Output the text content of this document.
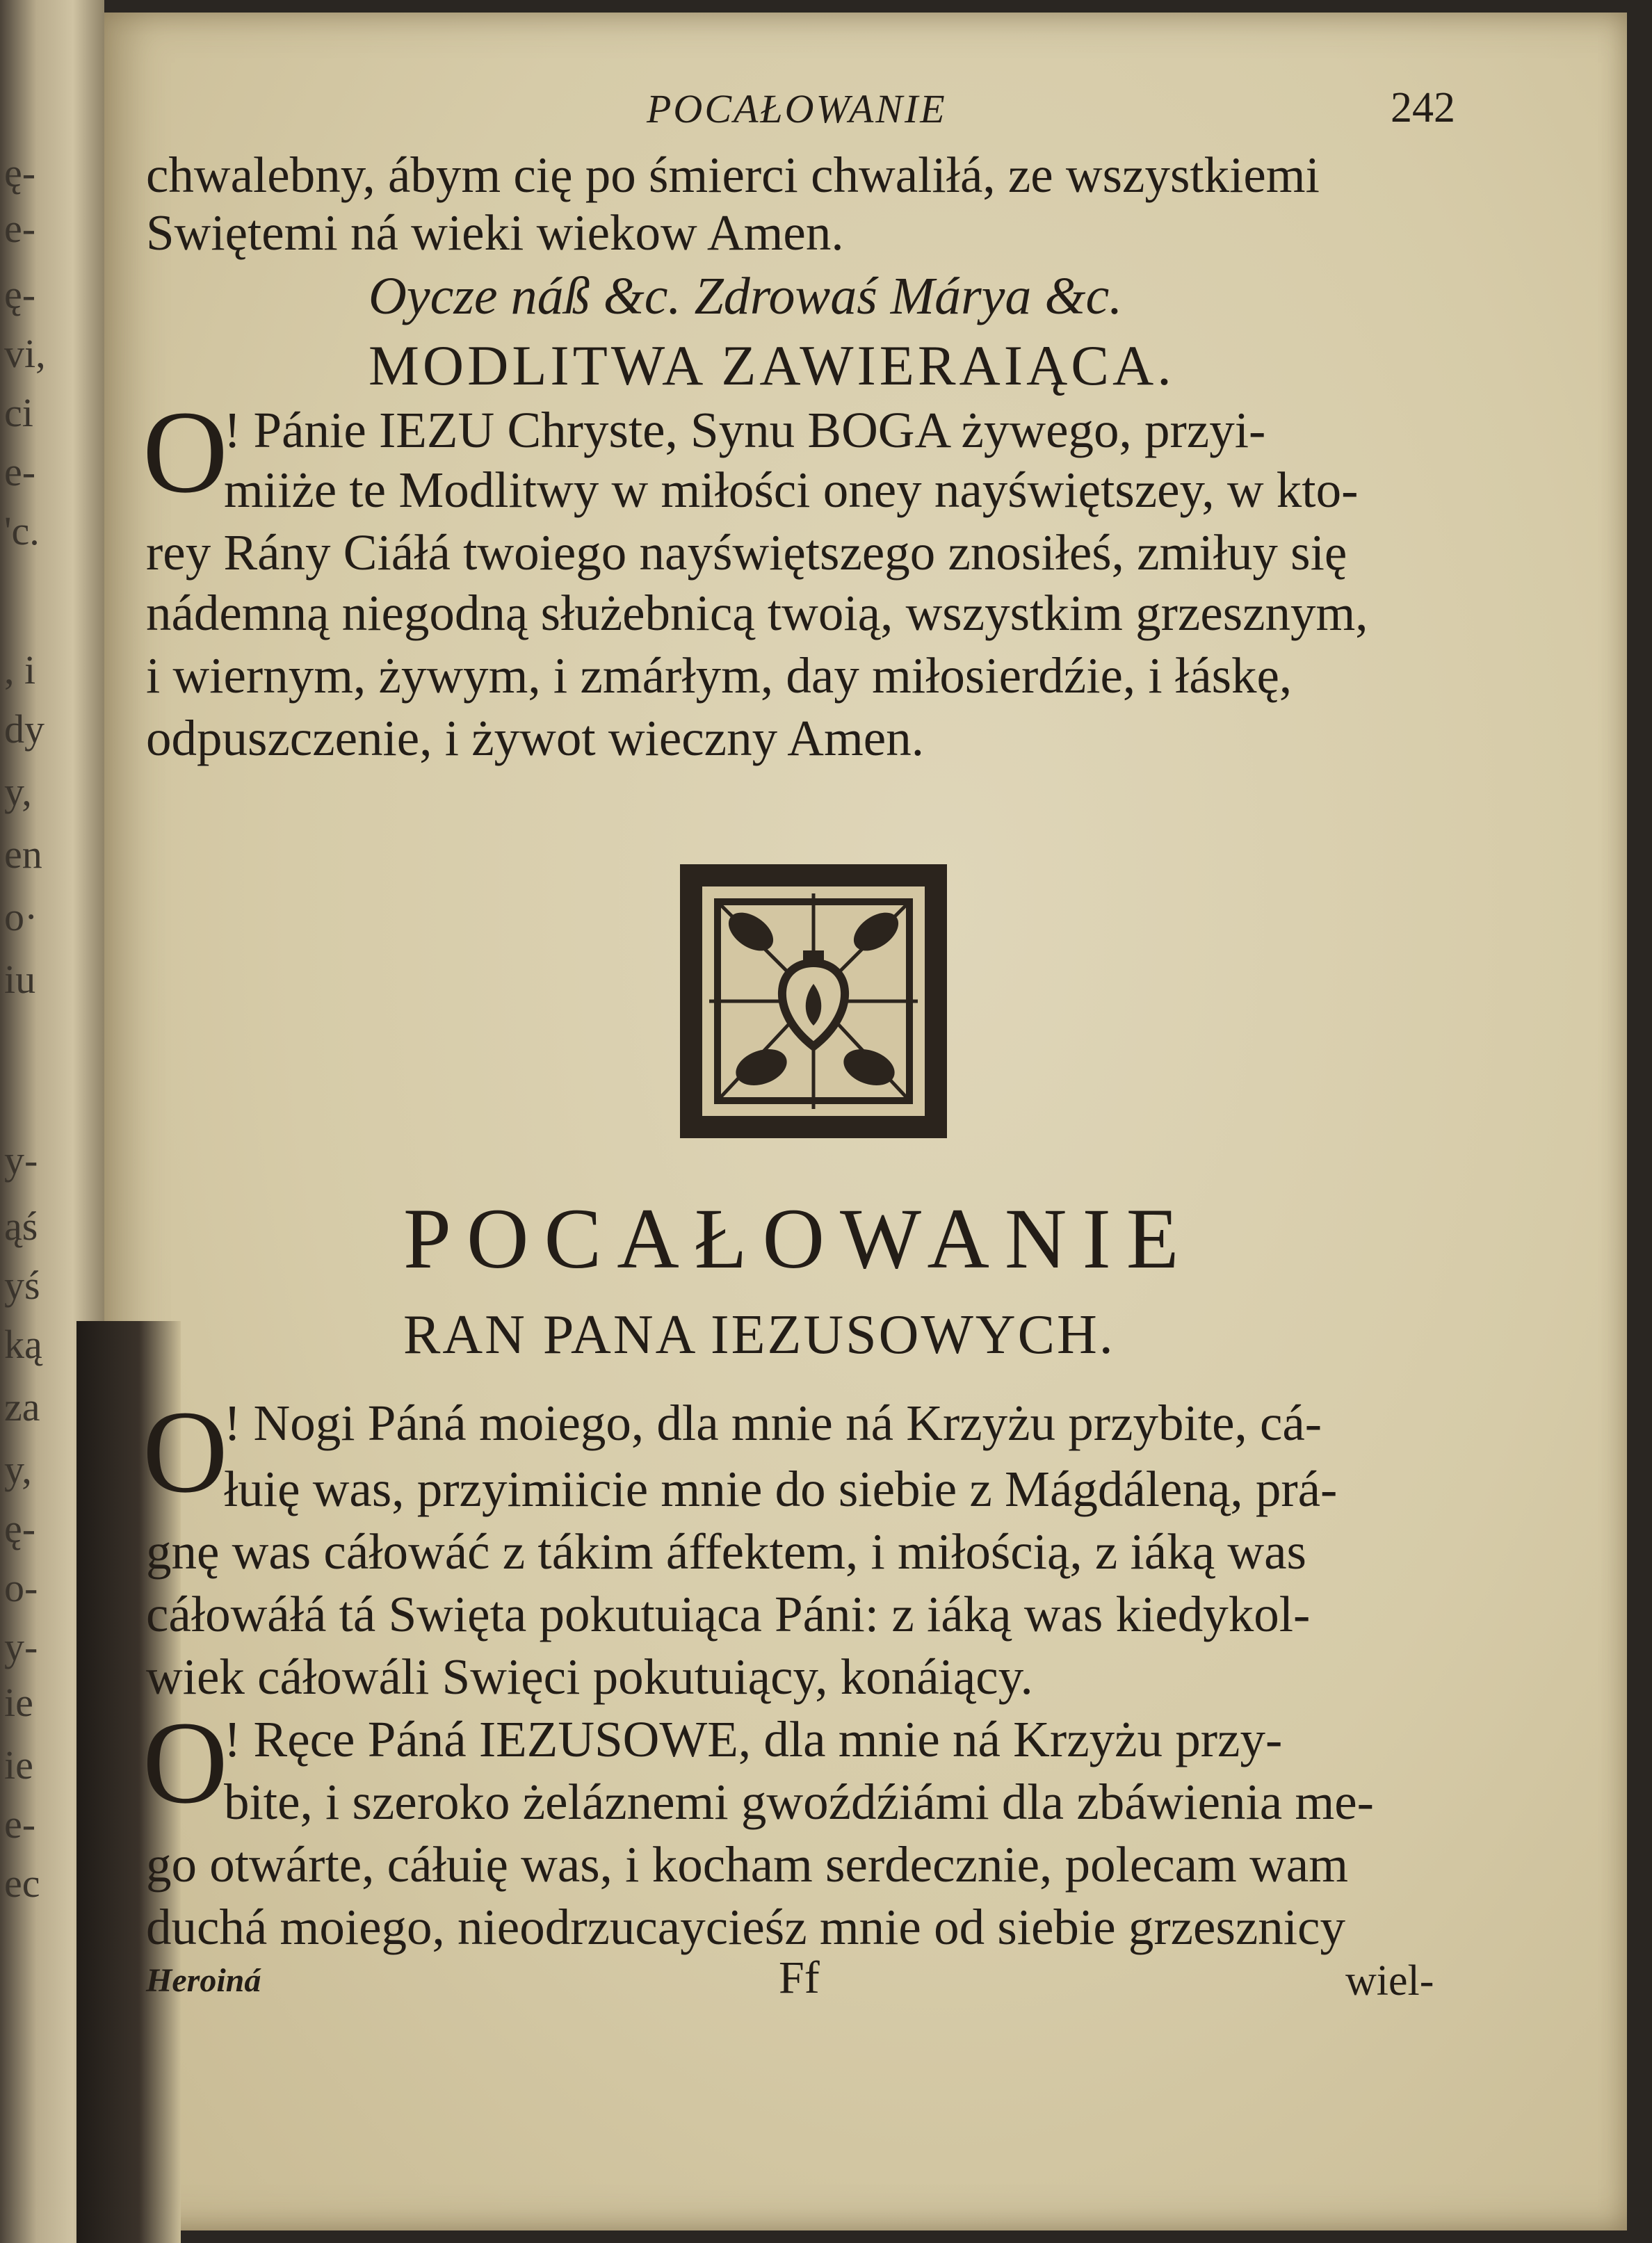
ę-
e-
ę-
vi,
ci
e-
'c.
, i
dy
y,
en
o·
iu
y-
ąś
yś
ką
za
y,
ę-
o-
y-
ie
ie
e-
ec
POCAŁOWANIE	242
chwalebny, ábym cię po śmierci chwaliłá, ze wszystkiemi
Swiętemi ná wieki wiekow Amen.
Oycze náß &c. Zdrowaś Márya &c.
MODLITWA ZAWIERAIĄCA.
O
! Pánie IEZU Chryste, Synu BOGA żywego, przyi-
miiże te Modlitwy w miłości oney nayświętszey, w kto-
rey Rány Ciáłá twoiego nayświętszego znosiłeś, zmiłuy się
nádemną niegodną służebnicą twoią, wszystkim grzesznym,
i wiernym, żywym, i zmárłym, day miłosierdźie, i łáskę,
odpuszczenie, i żywot wieczny Amen.
POCAŁOWANIE
RAN PANA IEZUSOWYCH.
O
! Nogi Páná moiego, dla mnie ná Krzyżu przybite, cá-
łuię was, przyimiicie mnie do siebie z Mágdáleną, prá-
gnę was cáłowáć z tákim áffektem, i miłością, z iáką was
cáłowáłá tá Swięta pokutuiąca Páni: z iáką was kiedykol-
wiek cáłowáli Swięci pokutuiący, konáiący.
O
! Ręce Páná IEZUSOWE, dla mnie ná Krzyżu przy-
bite, i szeroko żeláznemi gwoźdźiámi dla zbáwienia me-
go otwárte, cáłuię was, i kocham serdecznie, polecam wam
duchá moiego, nieodrzucaycieśz mnie od siebie grzesznicy
Heroiná	Ff	wiel-
